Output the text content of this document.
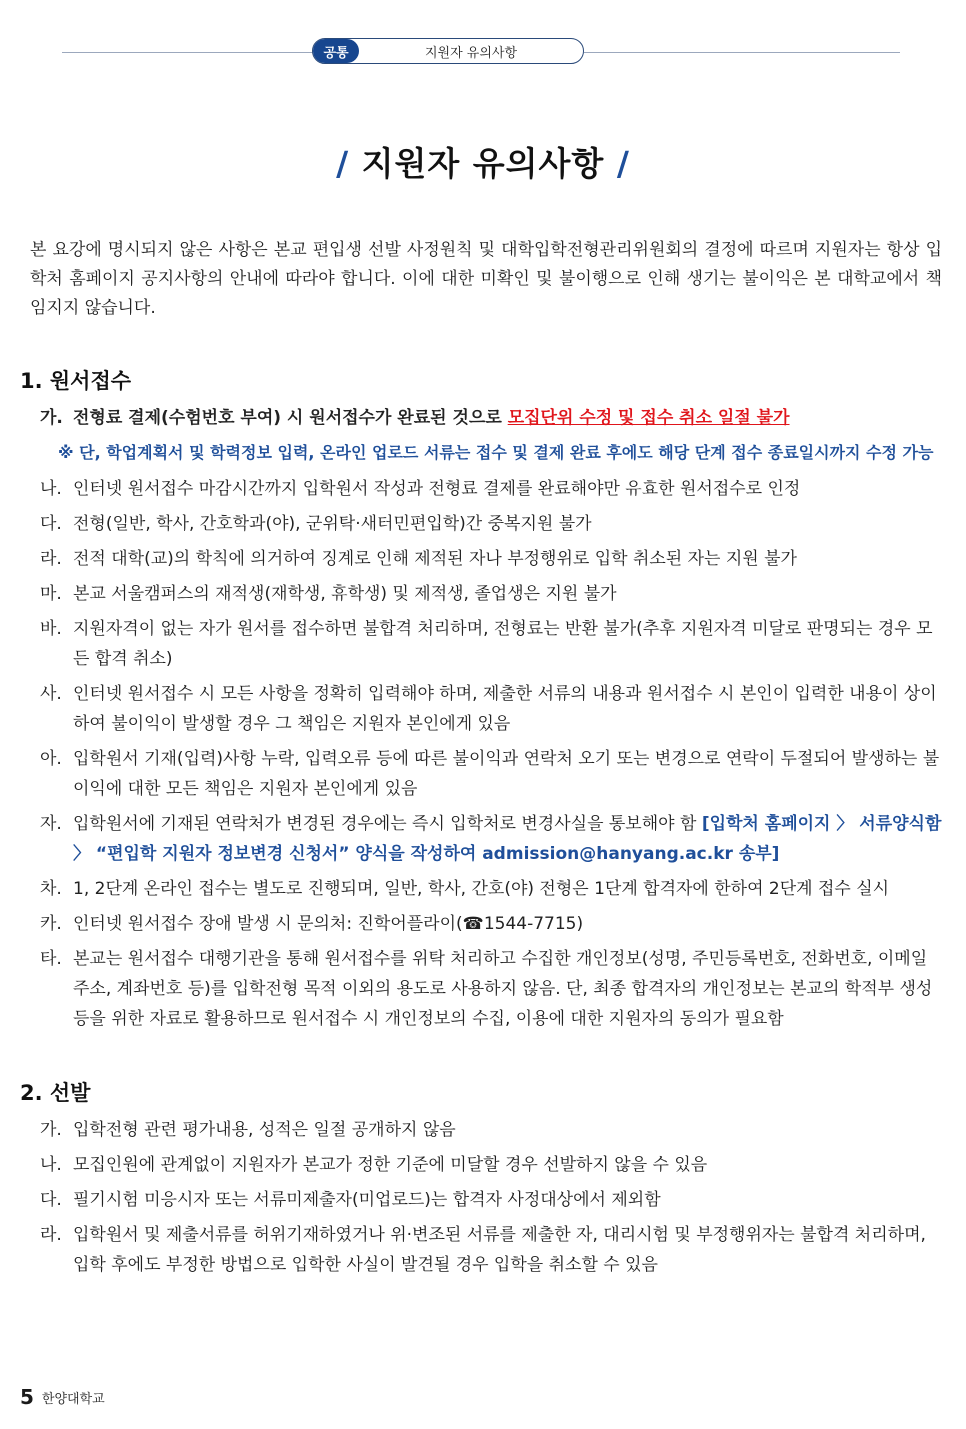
공통	지원자 유의사항
/ 지원자 유의사항 /
본 요강에 명시되지 않은 사항은 본교 편입생 선발 사정원칙 및 대학입학전형관리위원회의 결정에 따르며 지원자는 항상 입학처 홈페이지 공지사항의 안내에 따라야 합니다. 이에 대한 미확인 및 불이행으로 인해 생기는 불이익은 본 대학교에서 책임지지 않습니다.
1. 원서접수
가. 전형료 결제(수험번호 부여) 시 원서접수가 완료된 것으로 모집단위 수정 및 접수 취소 일절 불가
※ 단, 학업계획서 및 학력정보 입력, 온라인 업로드 서류는 접수 및 결제 완료 후에도 해당 단계 접수 종료일시까지 수정 가능
나. 인터넷 원서접수 마감시간까지 입학원서 작성과 전형료 결제를 완료해야만 유효한 원서접수로 인정
다. 전형(일반, 학사, 간호학과(야), 군위탁·새터민편입학)간 중복지원 불가
라. 전적 대학(교)의 학칙에 의거하여 징계로 인해 제적된 자나 부정행위로 입학 취소된 자는 지원 불가
마. 본교 서울캠퍼스의 재적생(재학생, 휴학생) 및 제적생, 졸업생은 지원 불가
바. 지원자격이 없는 자가 원서를 접수하면 불합격 처리하며, 전형료는 반환 불가(추후 지원자격 미달로 판명되는 경우 모든 합격 취소)
사. 인터넷 원서접수 시 모든 사항을 정확히 입력해야 하며, 제출한 서류의 내용과 원서접수 시 본인이 입력한 내용이 상이하여 불이익이 발생할 경우 그 책임은 지원자 본인에게 있음
아. 입학원서 기재(입력)사항 누락, 입력오류 등에 따른 불이익과 연락처 오기 또는 변경으로 연락이 두절되어 발생하는 불이익에 대한 모든 책임은 지원자 본인에게 있음
자. 입학원서에 기재된 연락처가 변경된 경우에는 즉시 입학처로 변경사실을 통보해야 함 [입학처 홈페이지 〉 서류양식함 〉 “편입학 지원자 정보변경 신청서” 양식을 작성하여 admission@hanyang.ac.kr 송부]
차. 1, 2단계 온라인 접수는 별도로 진행되며, 일반, 학사, 간호(야) 전형은 1단계 합격자에 한하여 2단계 접수 실시
카. 인터넷 원서접수 장애 발생 시 문의처: 진학어플라이(☎1544-7715)
타. 본교는 원서접수 대행기관을 통해 원서접수를 위탁 처리하고 수집한 개인정보(성명, 주민등록번호, 전화번호, 이메일주소, 계좌번호 등)를 입학전형 목적 이외의 용도로 사용하지 않음. 단, 최종 합격자의 개인정보는 본교의 학적부 생성 등을 위한 자료로 활용하므로 원서접수 시 개인정보의 수집, 이용에 대한 지원자의 동의가 필요함
2. 선발
가. 입학전형 관련 평가내용, 성적은 일절 공개하지 않음
나. 모집인원에 관계없이 지원자가 본교가 정한 기준에 미달할 경우 선발하지 않을 수 있음
다. 필기시험 미응시자 또는 서류미제출자(미업로드)는 합격자 사정대상에서 제외함
라. 입학원서 및 제출서류를 허위기재하였거나 위·변조된 서류를 제출한 자, 대리시험 및 부정행위자는 불합격 처리하며, 입학 후에도 부정한 방법으로 입학한 사실이 발견될 경우 입학을 취소할 수 있음
5 한양대학교
